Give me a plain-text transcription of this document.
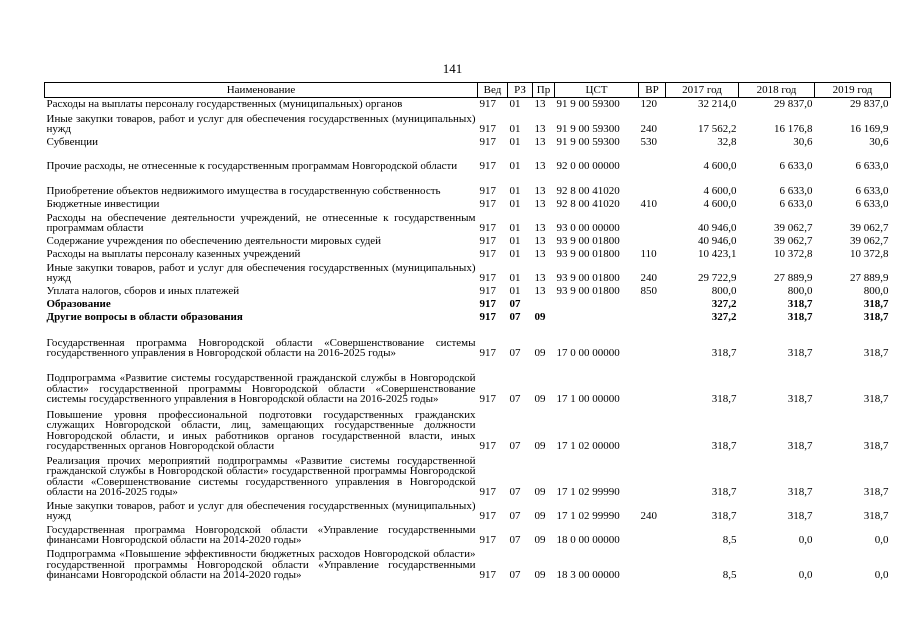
141
Наименование	Вед	РЗ	Пр	ЦСТ	ВР	2017 год	2018 год	2019 год
Расходы на выплаты персоналу государственных (муниципальных) органов	917	01	13	91 9 00 59300	120	32 214,0	29 837,0	29 837,0
Иные закупки товаров, работ и услуг для обеспечения государственных (муниципальных) нужд	917	01	13	91 9 00 59300	240	17 562,2	16 176,8	16 169,9
Субвенции	917	01	13	91 9 00 59300	530	32,8	30,6	30,6
Прочие расходы, не отнесенные к государственным программам Новгородской области	917	01	13	92 0 00 00000		4 600,0	6 633,0	6 633,0
Приобретение объектов недвижимого имущества в государственную собственность	917	01	13	92 8 00 41020		4 600,0	6 633,0	6 633,0
Бюджетные инвестиции	917	01	13	92 8 00 41020	410	4 600,0	6 633,0	6 633,0
Расходы на обеспечение деятельности учреждений, не отнесенные к государственным программам области	917	01	13	93 0 00 00000		40 946,0	39 062,7	39 062,7
Содержание учреждения по обеспечению деятельности мировых судей	917	01	13	93 9 00 01800		40 946,0	39 062,7	39 062,7
Расходы на выплаты персоналу казенных учреждений	917	01	13	93 9 00 01800	110	10 423,1	10 372,8	10 372,8
Иные закупки товаров, работ и услуг для обеспечения государственных (муниципальных) нужд	917	01	13	93 9 00 01800	240	29 722,9	27 889,9	27 889,9
Уплата налогов, сборов и иных платежей	917	01	13	93 9 00 01800	850	800,0	800,0	800,0
Образование	917	07				327,2	318,7	318,7
Другие вопросы в области образования	917	07	09			327,2	318,7	318,7
Государственная программа Новгородской области «Совершенствование системы государственного управления в Новгородской области на 2016-2025 годы»	917	07	09	17 0 00 00000		318,7	318,7	318,7
Подпрограмма «Развитие системы государственной гражданской службы в Новгородской области» государственной программы Новгородской области «Совершенствование системы государственного управления в Новгородской области на 2016-2025 годы»	917	07	09	17 1 00 00000		318,7	318,7	318,7
Повышение уровня профессиональной подготовки государственных гражданских служащих Новгородской области, лиц, замещающих государственные должности Новгородской области, и иных работников органов государственной власти, иных государственных органов Новгородской области	917	07	09	17 1 02 00000		318,7	318,7	318,7
Реализация прочих мероприятий подпрограммы «Развитие системы государственной гражданской службы в Новгородской области» государственной программы Новгородской области «Совершенствование системы государственного управления в Новгородской области на 2016-2025 годы»	917	07	09	17 1 02 99990		318,7	318,7	318,7
Иные закупки товаров, работ и услуг для обеспечения государственных (муниципальных) нужд	917	07	09	17 1 02 99990	240	318,7	318,7	318,7
Государственная программа Новгородской области «Управление государственными финансами Новгородской области на 2014-2020 годы»	917	07	09	18 0 00 00000		8,5	0,0	0,0
Подпрограмма «Повышение эффективности бюджетных расходов Новгородской области» государственной программы Новгородской области «Управление государственными финансами Новгородской области на 2014-2020 годы»	917	07	09	18 3 00 00000		8,5	0,0	0,0
